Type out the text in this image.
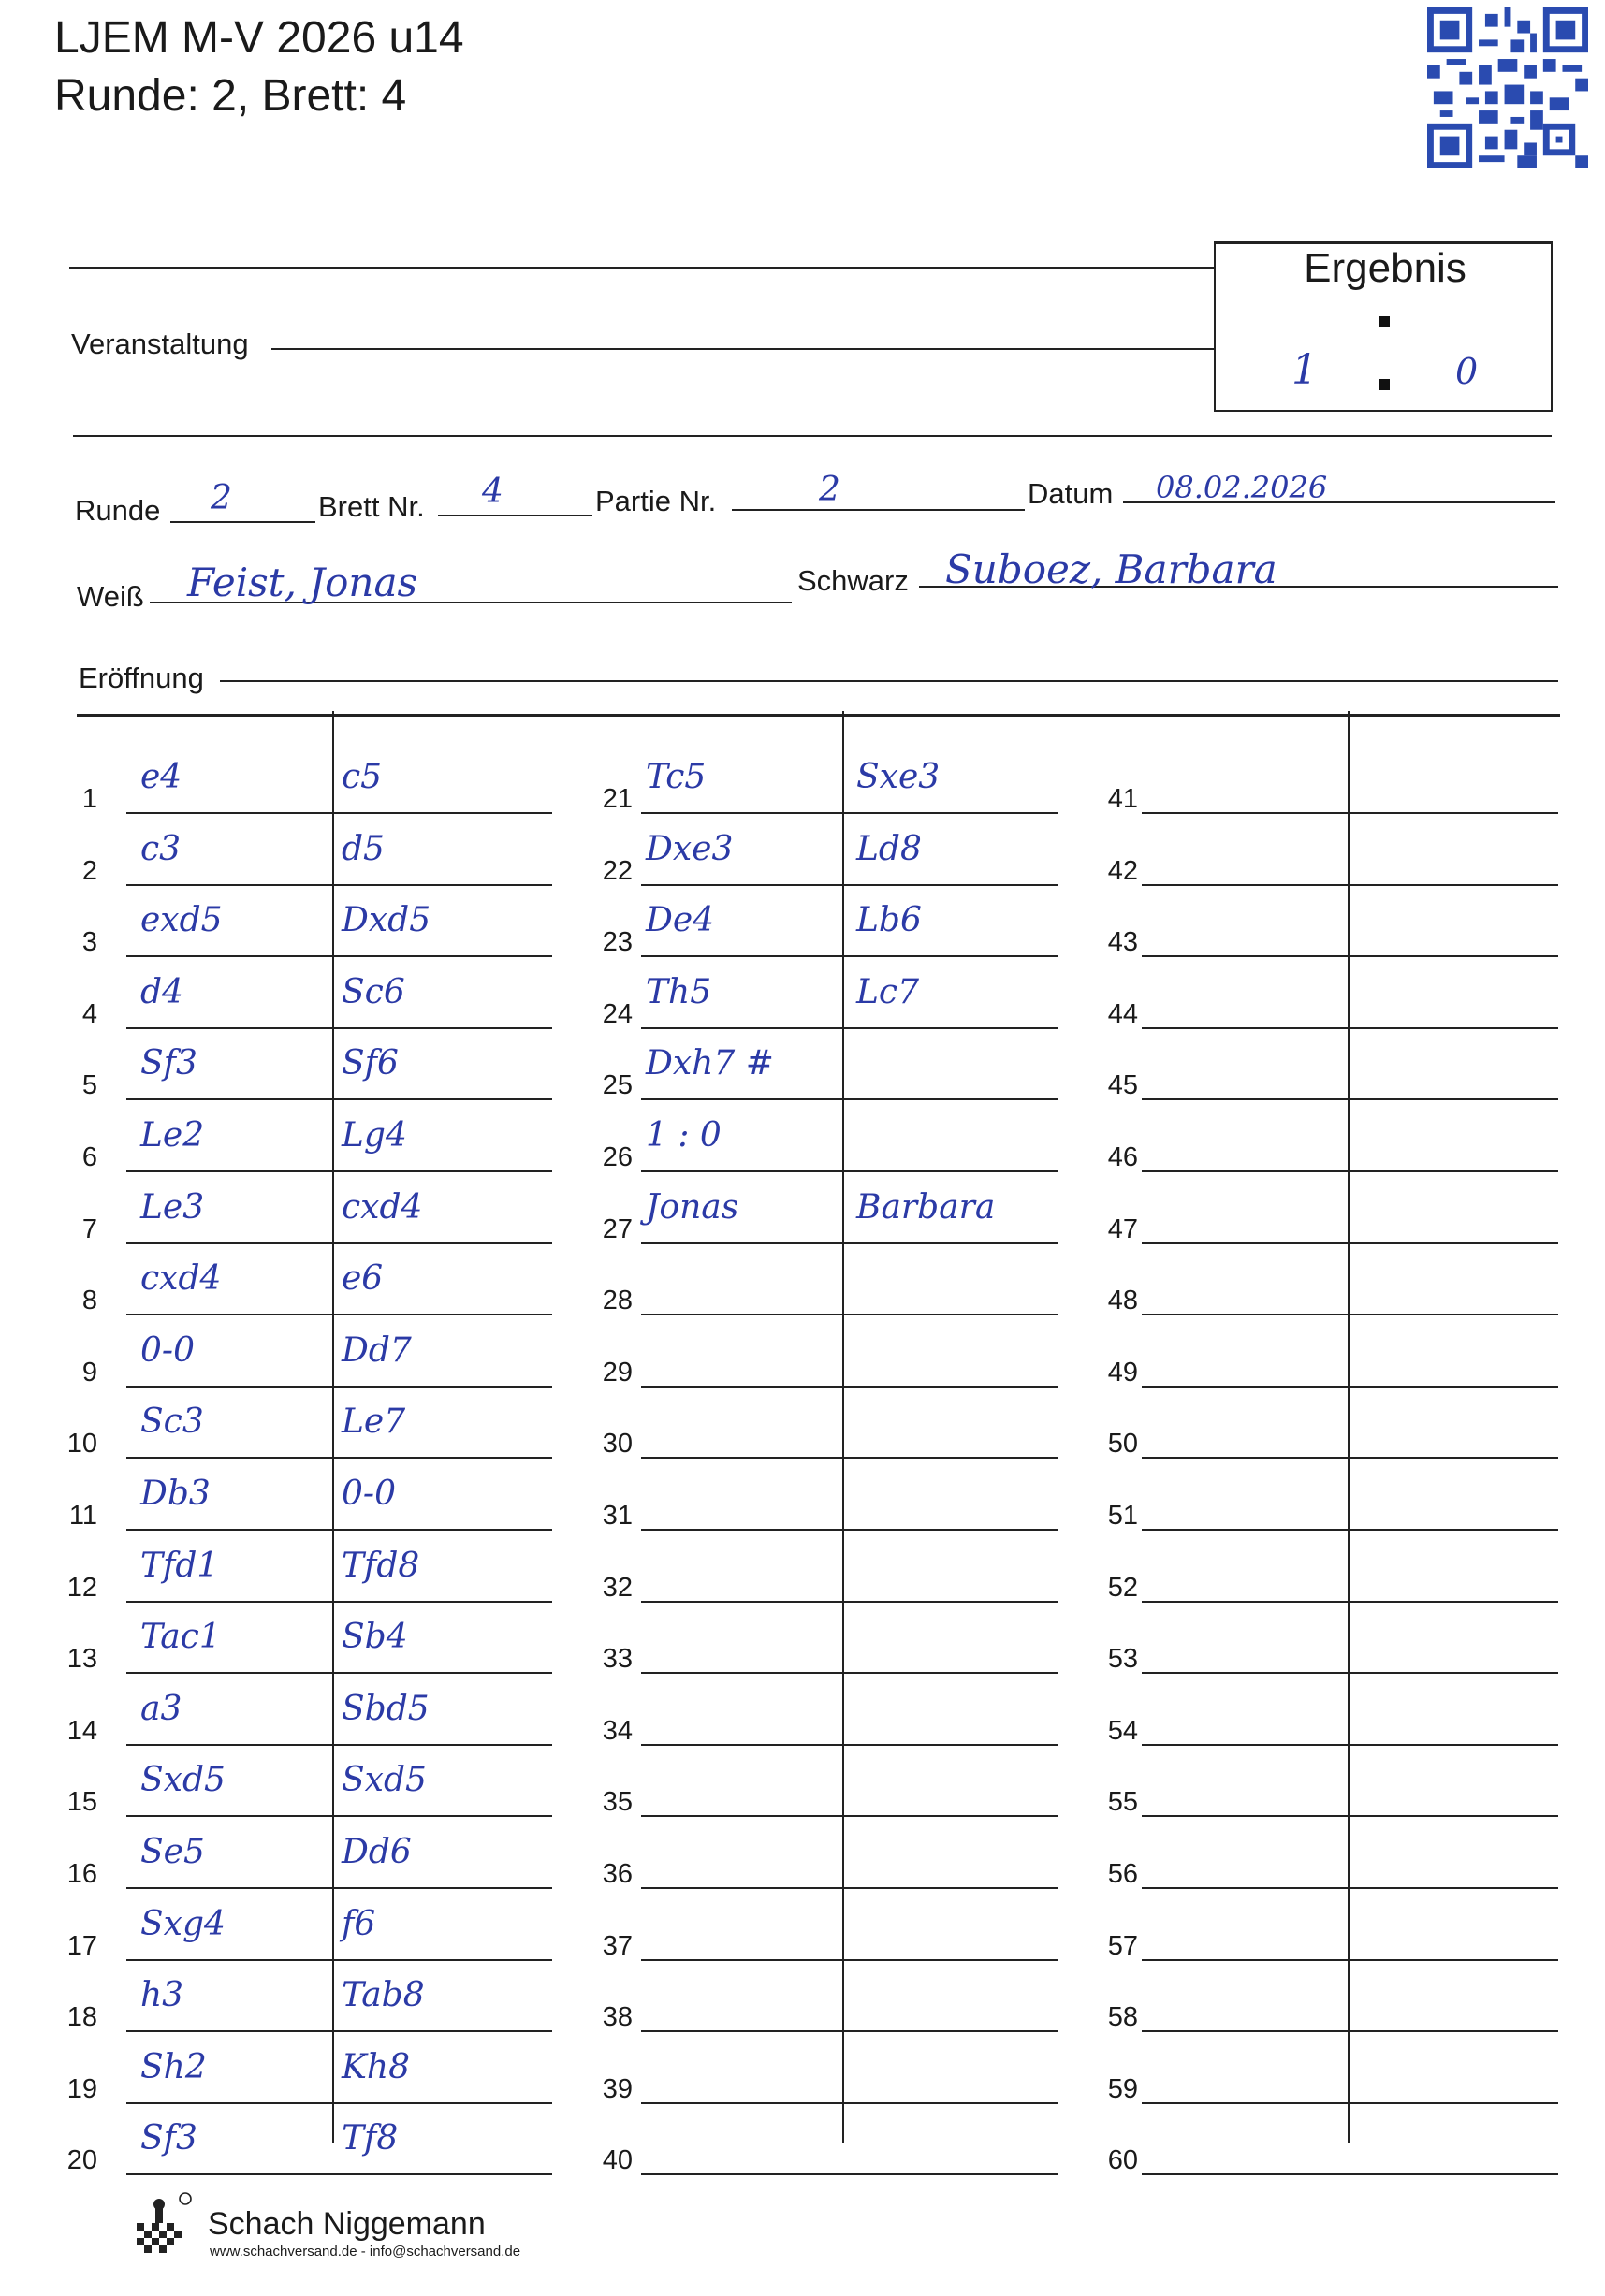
LJEM M-V 2026 u14
Runde: 2, Brett: 4
Ergebnis
1	0
Veranstaltung
Runde 2	Brett Nr. 4	Partie Nr.	2	Datum 08.02.2026
Weiß Feist, Jonas	Schwarz Suboez, Barbara
Eröffnung
1
e4	c5
2
c3	d5
3
exd5	Dxd5
4
d4	Sc6
5
Sf3	Sf6
6
Le2	Lg4
7
Le3	cxd4
8
cxd4	e6
9
0-0	Dd7
10
Sc3	Le7
11
Db3	0-0
12
Tfd1	Tfd8
13
Tac1	Sb4
14
a3	Sbd5
15
Sxd5	Sxd5
16
Se5	Dd6
17
Sxg4	f6
18
h3	Tab8
19
Sh2	Kh8
20
Sf3	Tf8
21
Tc5	Sxe3
22
Dxe3	Ld8
23
De4	Lb6
24
Th5	Lc7
25
Dxh7 #
26
1 : 0
27
Jonas	Barbara
28
29
30
31
32
33
34
35
36
37
38
39
40
41
42
43
44
45
46
47
48
49
50
51
52
53
54
55
56
57
58
59
60
Schach Niggemann
www.schachversand.de - info@schachversand.de
